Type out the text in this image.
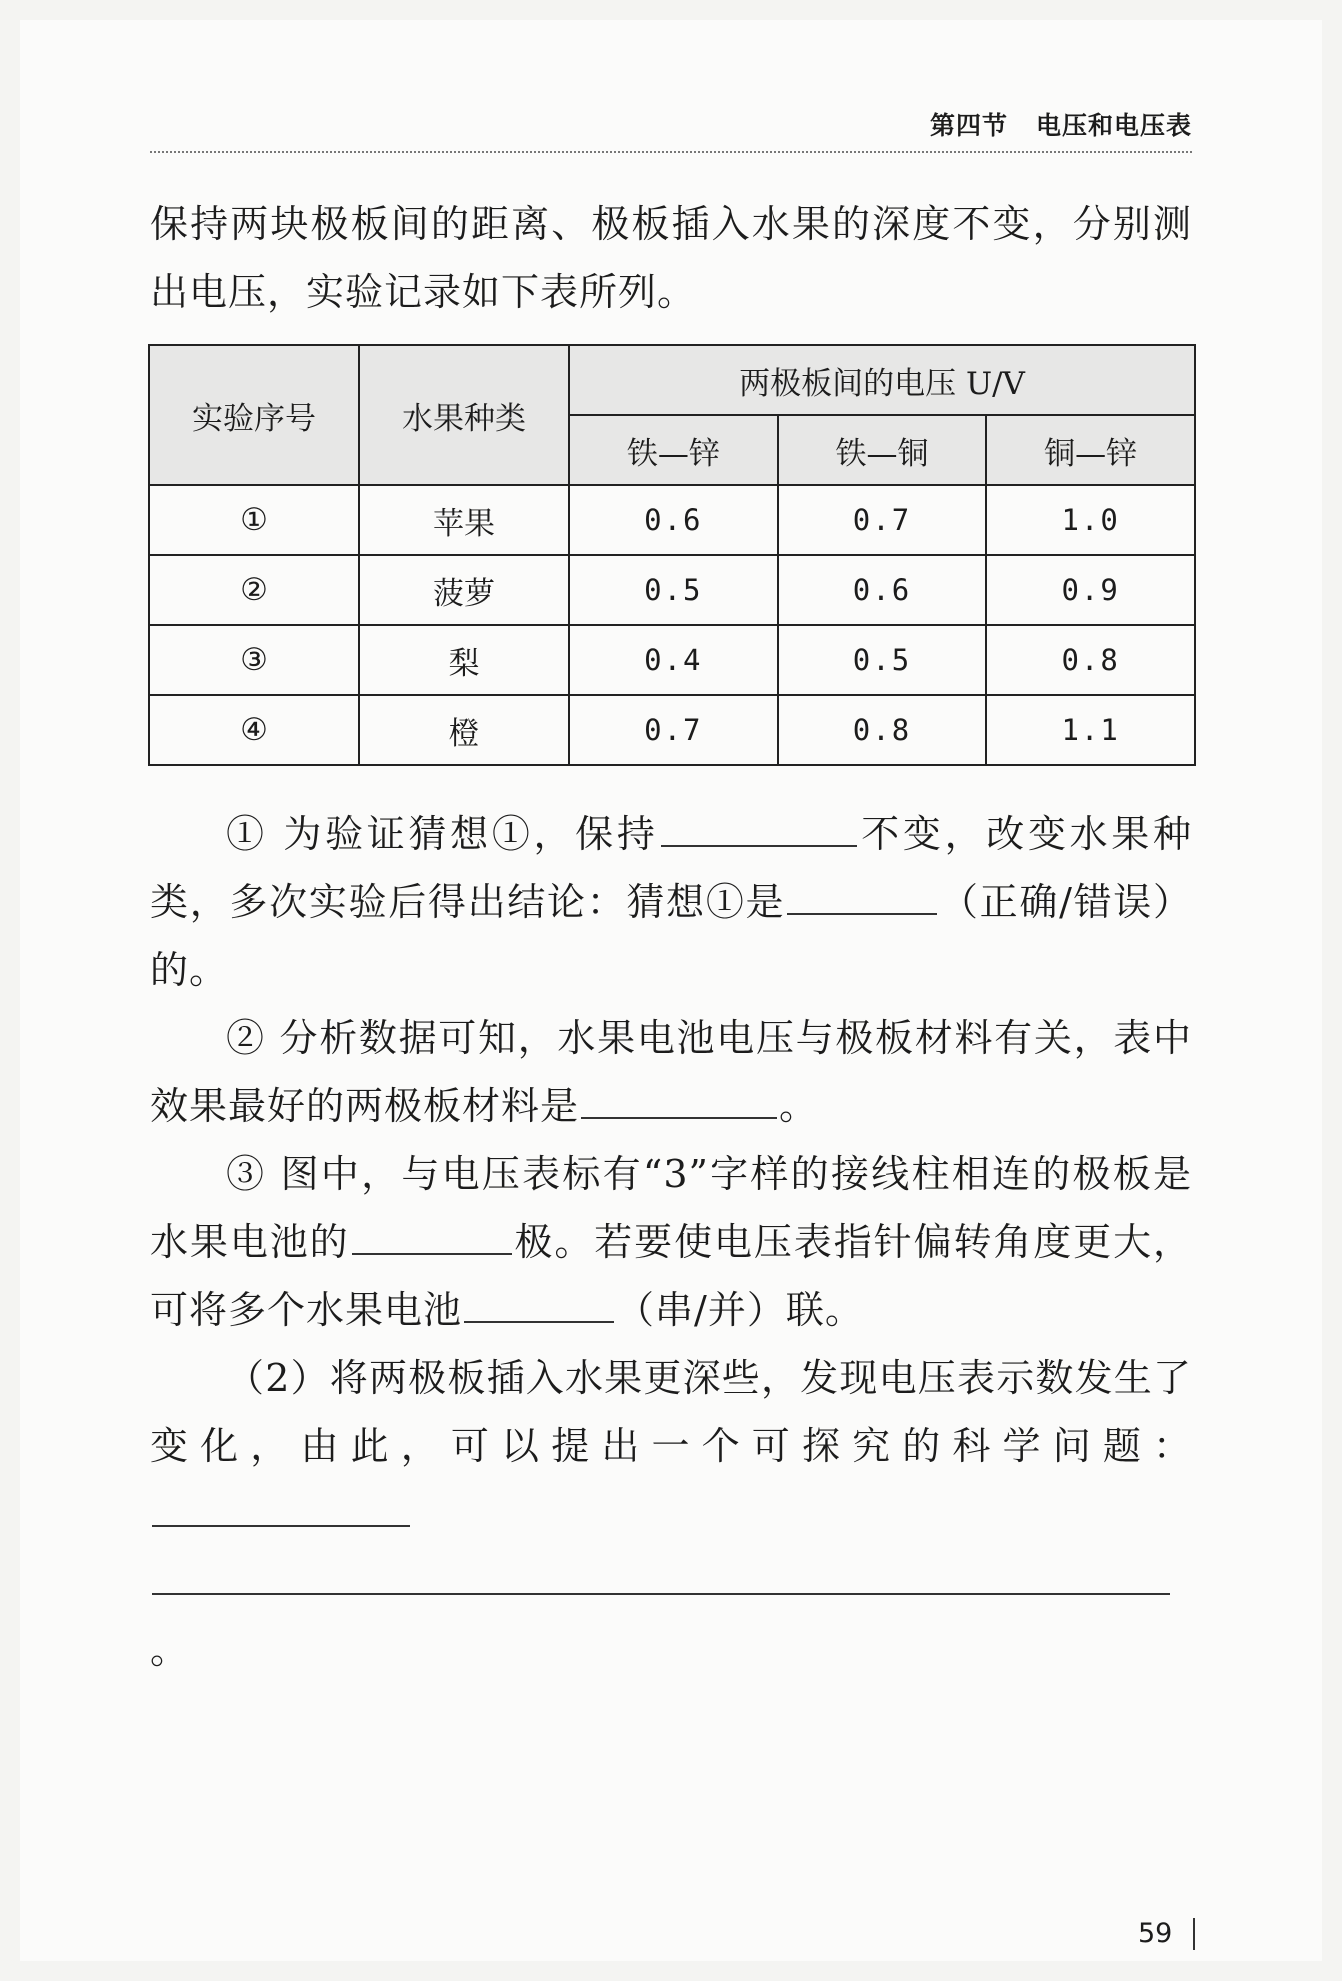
第四节 电压和电压表

保持两块极板间的距离、极板插入水果的深度不变，分别测出电压，实验记录如下表所列。

实验序号	水果种类	两极板间的电压 U/V		
		铁—锌	铁—铜	铜—锌
①	苹果	0.6	0.7	1.0
②	菠萝	0.5	0.6	0.9
③	梨	0.4	0.5	0.8
④	橙	0.7	0.8	1.1
① 为验证猜想①，保持	不变，改变水果种类，多次实验后得出结论：猜想①是	（正确/错误）的。
② 分析数据可知，水果电池电压与极板材料有关，表中效果最好的两极板材料是	。
③ 图中，与电压表标有“3”字样的接线柱相连的极板是水果电池的	极。若要使电压表指针偏转角度更大，可将多个水果电池	（串/并）联。
（2）将两极板插入水果更深些，发现电压表示数发生了变化，由此，可以提出一个可探究的科学问题：
。
59
